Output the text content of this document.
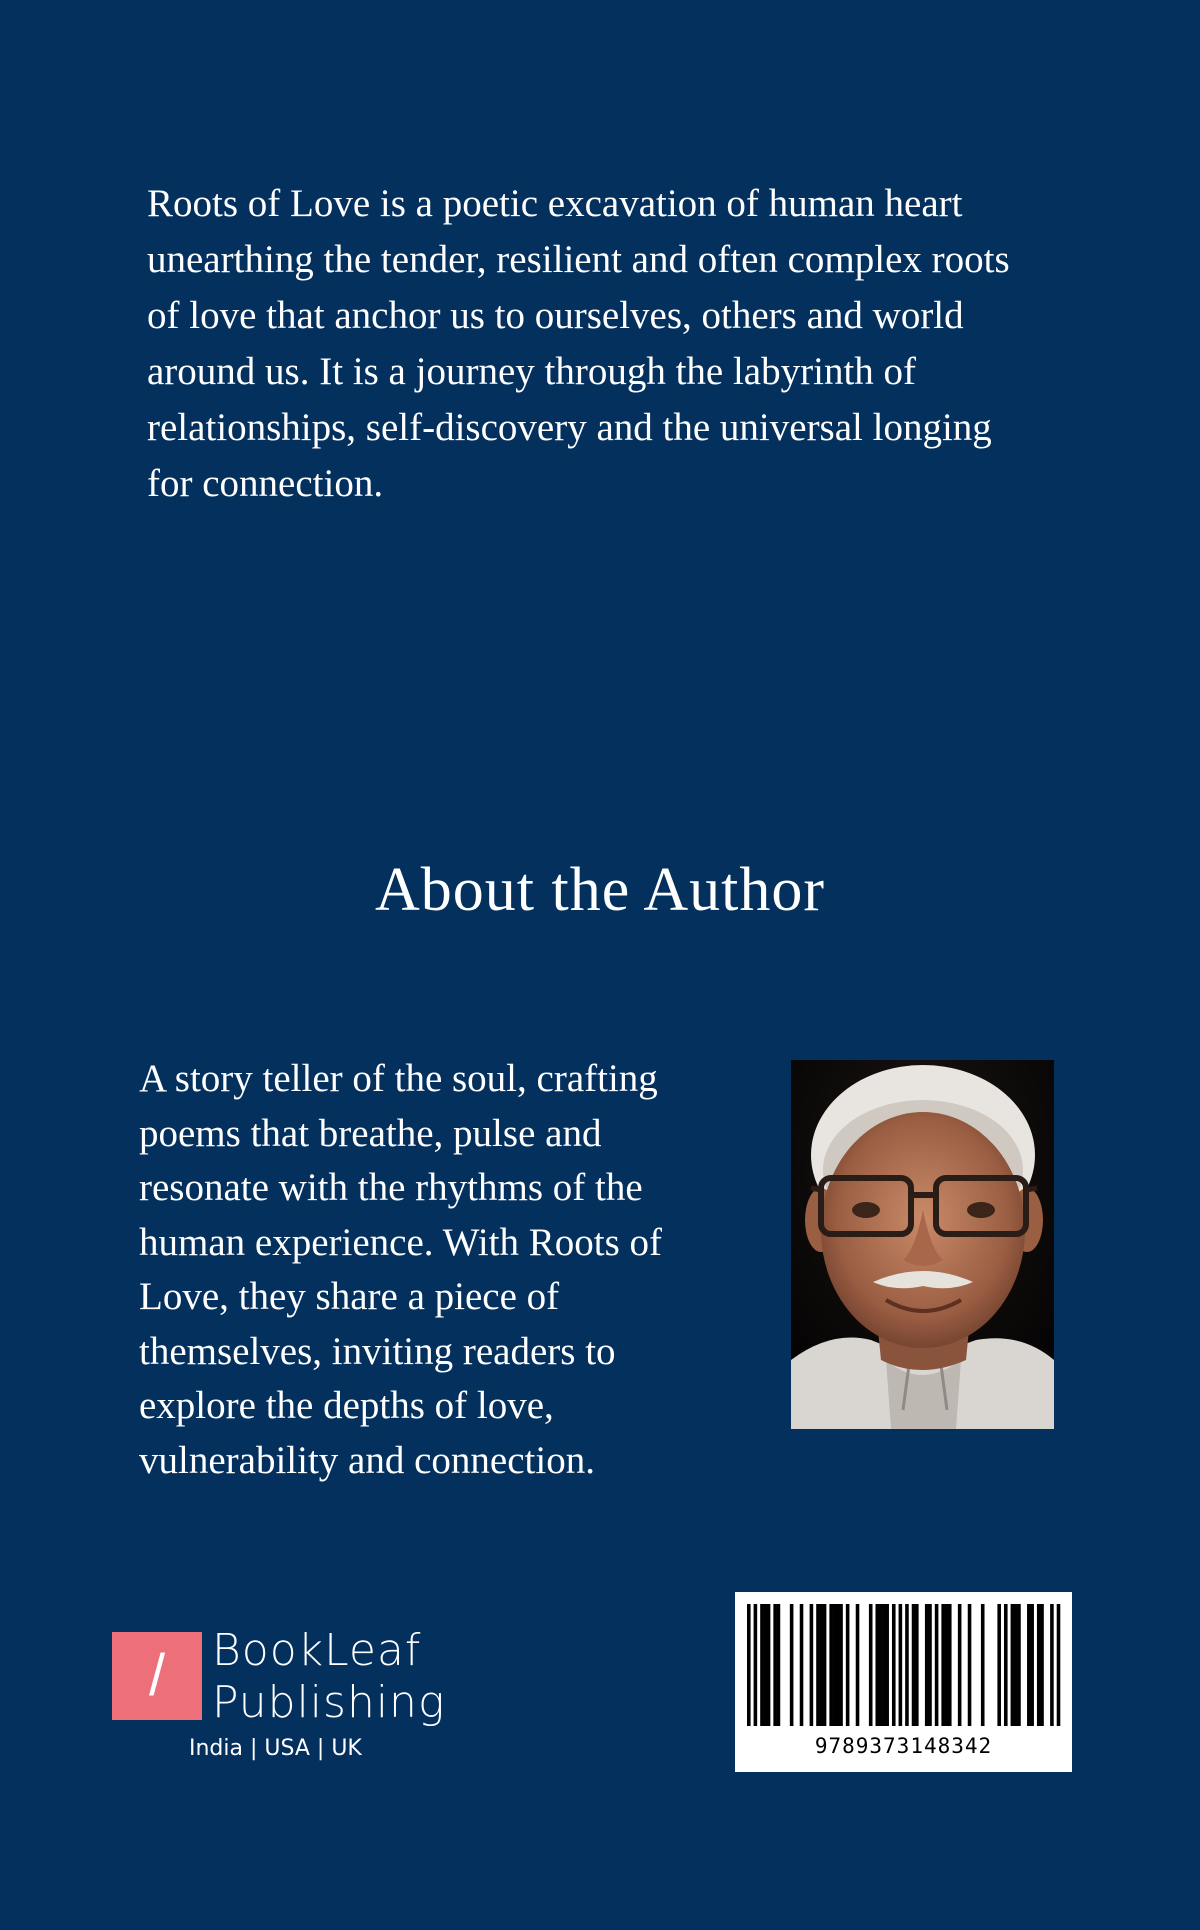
Roots of Love is a poetic excavation of human heart unearthing the tender, resilient and often complex roots of love that anchor us to ourselves, others and world around us. It is a journey through the labyrinth of relationships, self-discovery and the universal longing for connection.

About the Author

A story teller of the soul, crafting poems that breathe, pulse and resonate with the rhythms of the human experience. With Roots of Love, they share a piece of themselves, inviting readers to explore the depths of love, vulnerability and connection.

/	BookLeaf
Publishing
India | USA | UK	9789373148342
